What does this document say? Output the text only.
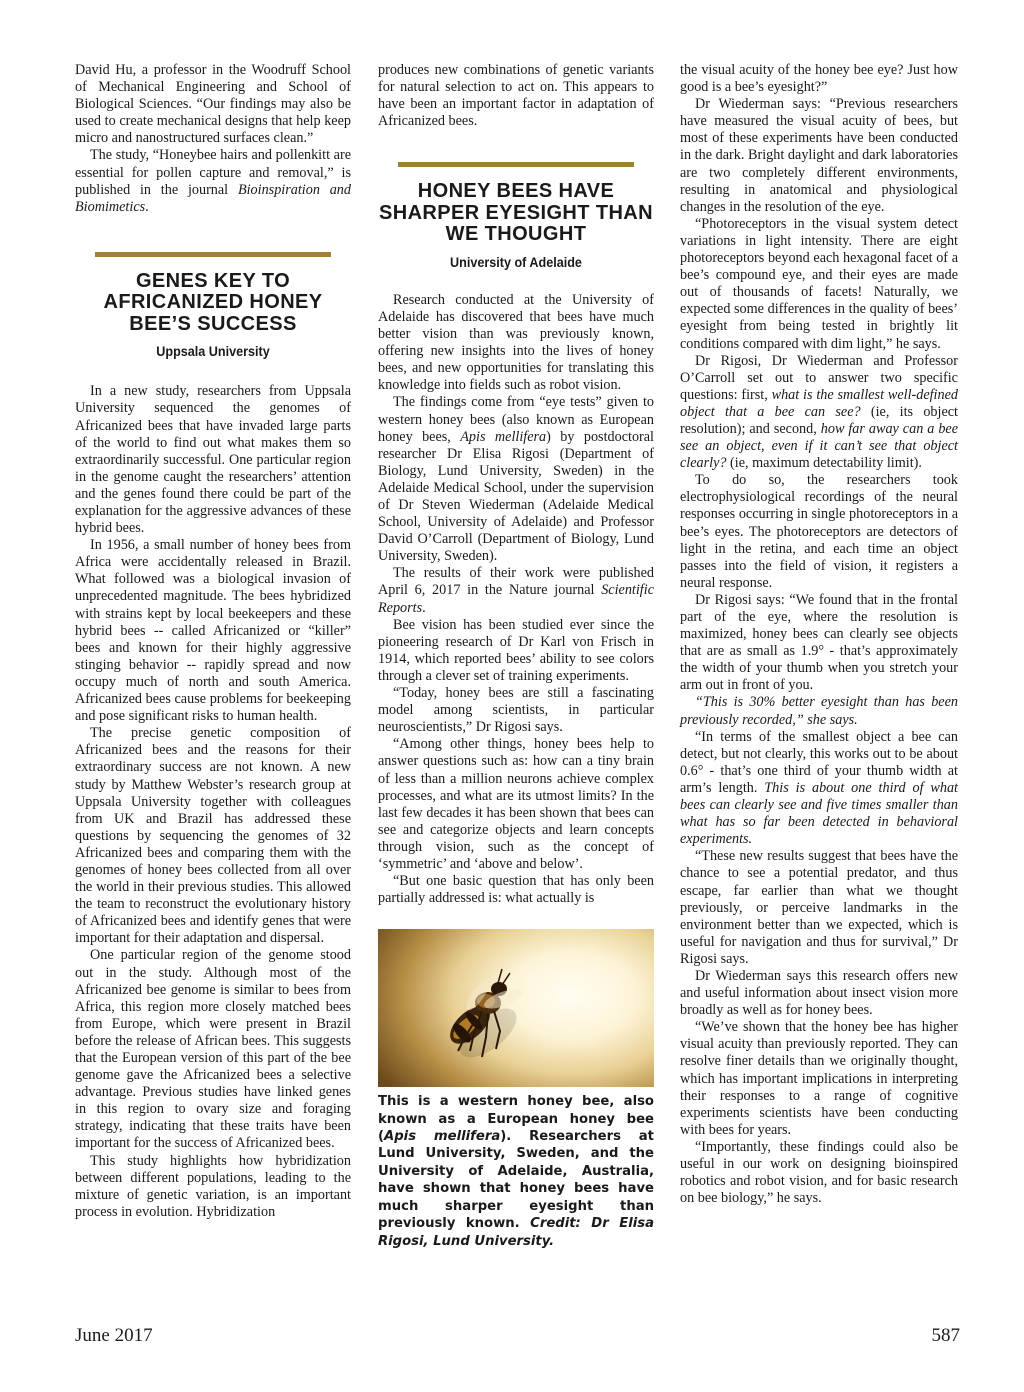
David Hu, a professor in the Woodruff School of Mechanical Engineering and School of Biological Sciences. “Our findings may also be used to create mechanical designs that help keep micro and nanostructured surfaces clean.”

The study, “Honeybee hairs and pollenkitt are essential for pollen capture and removal,” is published in the journal Bioinspiration and Biomimetics.

GENES KEY TO AFRICANIZED HONEY BEE’S SUCCESS
Uppsala University

In a new study, researchers from Uppsala University sequenced the genomes of Africanized bees that have invaded large parts of the world to find out what makes them so extraordinarily successful. One particular region in the genome caught the researchers’ attention and the genes found there could be part of the explanation for the aggressive advances of these hybrid bees.

In 1956, a small number of honey bees from Africa were accidentally released in Brazil. What followed was a biological invasion of unprecedented magnitude. The bees hybridized with strains kept by local beekeepers and these hybrid bees -- called Africanized or “killer” bees and known for their highly aggressive stinging behavior -- rapidly spread and now occupy much of north and south America. Africanized bees cause problems for beekeeping and pose significant risks to human health.

The precise genetic composition of Africanized bees and the reasons for their extraordinary success are not known. A new study by Matthew Webster’s research group at Uppsala University together with colleagues from UK and Brazil has addressed these questions by sequencing the genomes of 32 Africanized bees and comparing them with the genomes of honey bees collected from all over the world in their previous studies. This allowed the team to reconstruct the evolutionary history of Africanized bees and identify genes that were important for their adaptation and dispersal.

One particular region of the genome stood out in the study. Although most of the Africanized bee genome is similar to bees from Africa, this region more closely matched bees from Europe, which were present in Brazil before the release of African bees. This suggests that the European version of this part of the bee genome gave the Africanized bees a selective advantage. Previous studies have linked genes in this region to ovary size and foraging strategy, indicating that these traits have been important for the success of Africanized bees.

This study highlights how hybridization between different populations, leading to the mixture of genetic variation, is an important process in evolution. Hybridization

produces new combinations of genetic variants for natural selection to act on. This appears to have been an important factor in adaptation of Africanized bees.

HONEY BEES HAVE SHARPER EYESIGHT THAN WE THOUGHT
University of Adelaide

Research conducted at the University of Adelaide has discovered that bees have much better vision than was previously known, offering new insights into the lives of honey bees, and new opportunities for translating this knowledge into fields such as robot vision.

The findings come from “eye tests” given to western honey bees (also known as European honey bees, Apis mellifera) by postdoctoral researcher Dr Elisa Rigosi (Department of Biology, Lund University, Sweden) in the Adelaide Medical School, under the supervision of Dr Steven Wiederman (Adelaide Medical School, University of Adelaide) and Professor David O’Carroll (Department of Biology, Lund University, Sweden).

The results of their work were published April 6, 2017 in the Nature journal Scientific Reports.

Bee vision has been studied ever since the pioneering research of Dr Karl von Frisch in 1914, which reported bees’ ability to see colors through a clever set of training experiments.

“Today, honey bees are still a fascinating model among scientists, in particular neuroscientists,” Dr Rigosi says.

“Among other things, honey bees help to answer questions such as: how can a tiny brain of less than a million neurons achieve complex processes, and what are its utmost limits? In the last few decades it has been shown that bees can see and categorize objects and learn concepts through vision, such as the concept of ‘symmetric’ and ‘above and below’.

“But one basic question that has only been partially addressed is: what actually is

This is a western honey bee, also known as a European honey bee (Apis mellifera). Researchers at Lund University, Sweden, and the University of Adelaide, Australia, have shown that honey bees have much sharper eyesight than previously known. Credit: Dr Elisa Rigosi, Lund University.

the visual acuity of the honey bee eye? Just how good is a bee’s eyesight?”

Dr Wiederman says: “Previous researchers have measured the visual acuity of bees, but most of these experiments have been conducted in the dark. Bright daylight and dark laboratories are two completely different environments, resulting in anatomical and physiological changes in the resolution of the eye.

“Photoreceptors in the visual system detect variations in light intensity. There are eight photoreceptors beyond each hexagonal facet of a bee’s compound eye, and their eyes are made out of thousands of facets! Naturally, we expected some differences in the quality of bees’ eyesight from being tested in brightly lit conditions compared with dim light,” he says.

Dr Rigosi, Dr Wiederman and Professor O’Carroll set out to answer two specific questions: first, what is the smallest well-defined object that a bee can see? (ie, its object resolution); and second, how far away can a bee see an object, even if it can’t see that object clearly? (ie, maximum detectability limit).

To do so, the researchers took electrophysiological recordings of the neural responses occurring in single photoreceptors in a bee’s eyes. The photoreceptors are detectors of light in the retina, and each time an object passes into the field of vision, it registers a neural response.

Dr Rigosi says: “We found that in the frontal part of the eye, where the resolution is maximized, honey bees can clearly see objects that are as small as 1.9° - that’s approximately the width of your thumb when you stretch your arm out in front of you.

“This is 30% better eyesight than has been previously recorded,” she says.

“In terms of the smallest object a bee can detect, but not clearly, this works out to be about 0.6° - that’s one third of your thumb width at arm’s length. This is about one third of what bees can clearly see and five times smaller than what has so far been detected in behavioral experiments.

“These new results suggest that bees have the chance to see a potential predator, and thus escape, far earlier than what we thought previously, or perceive landmarks in the environment better than we expected, which is useful for navigation and thus for survival,” Dr Rigosi says.

Dr Wiederman says this research offers new and useful information about insect vision more broadly as well as for honey bees.

“We’ve shown that the honey bee has higher visual acuity than previously reported. They can resolve finer details than we originally thought, which has important implications in interpreting their responses to a range of cognitive experiments scientists have been conducting with bees for years.

“Importantly, these findings could also be useful in our work on designing bioinspired robotics and robot vision, and for basic research on bee biology,” he says.

June 2017	587
